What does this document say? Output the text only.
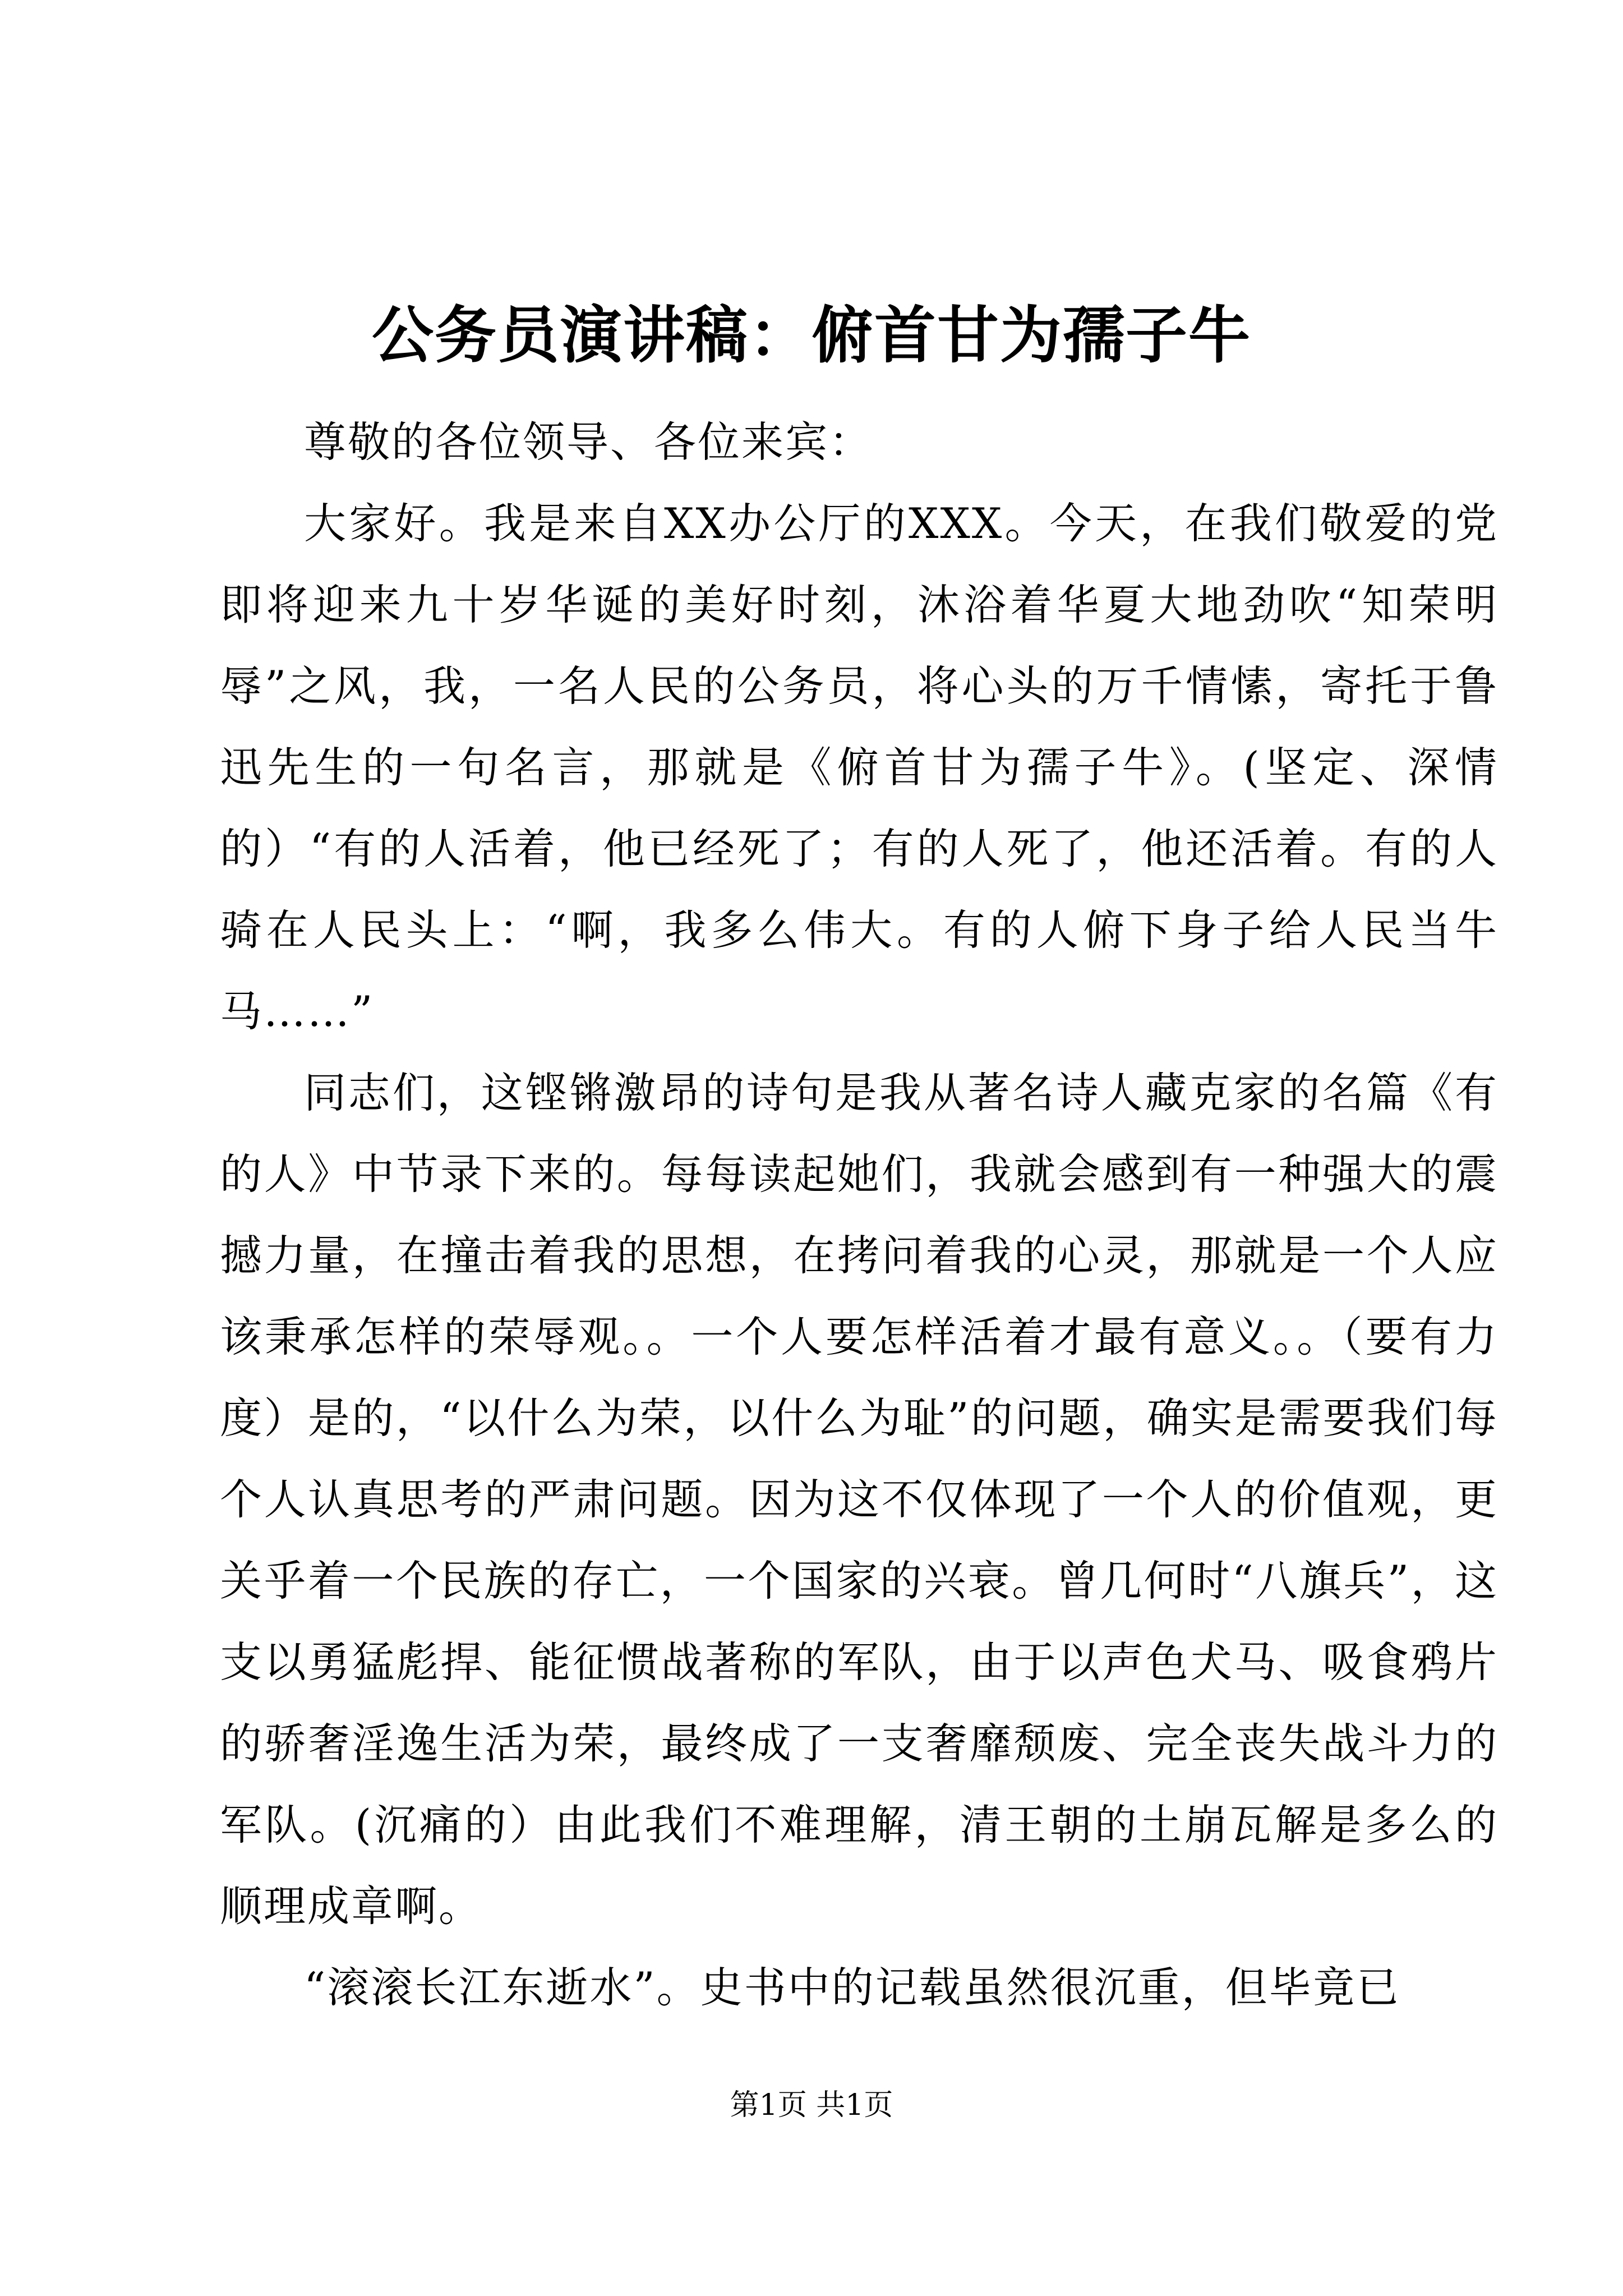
公务员演讲稿：俯首甘为孺子牛

尊敬的各位领导、各位来宾：

大家好。我是来自XX办公厅的XXX。今天，在我们敬爱的党即将迎来九十岁华诞的美好时刻，沐浴着华夏大地劲吹“知荣明辱”之风，我，一名人民的公务员，将心头的万千情愫，寄托于鲁迅先生的一句名言，那就是《俯首甘为孺子牛》。(坚定、深情的）“有的人活着，他已经死了；有的人死了，他还活着。有的人骑在人民头上：“啊，我多么伟大。有的人俯下身子给人民当牛马……”

同志们，这铿锵激昂的诗句是我从著名诗人藏克家的名篇《有的人》中节录下来的。每每读起她们，我就会感到有一种强大的震撼力量，在撞击着我的思想，在拷问着我的心灵，那就是一个人应该秉承怎样的荣辱观。。一个人要怎样活着才最有意义。。（要有力度）是的，“以什么为荣，以什么为耻”的问题，确实是需要我们每个人认真思考的严肃问题。因为这不仅体现了一个人的价值观，更关乎着一个民族的存亡，一个国家的兴衰。曾几何时“八旗兵”，这支以勇猛彪捍、能征惯战著称的军队，由于以声色犬马、吸食鸦片的骄奢淫逸生活为荣，最终成了一支奢靡颓废、完全丧失战斗力的军队。(沉痛的）由此我们不难理解，清王朝的土崩瓦解是多么的顺理成章啊。

“滚滚长江东逝水”。史书中的记载虽然很沉重，但毕竟已

第1页 共1页
